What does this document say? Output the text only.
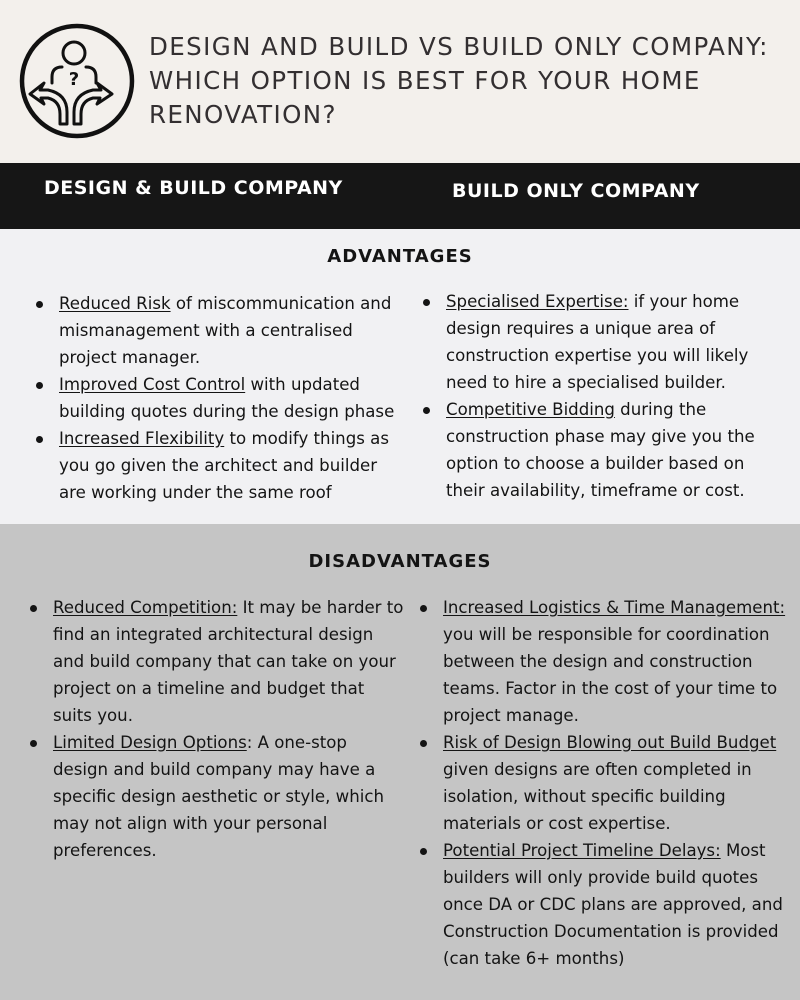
?
DESIGN AND BUILD VS BUILD ONLY COMPANY: WHICH OPTION IS BEST FOR YOUR HOME RENOVATION?
DESIGN & BUILD COMPANY	BUILD ONLY COMPANY
ADVANTAGES
Reduced Risk of miscommunication and mismanagement with a centralised project manager.
Improved Cost Control with updated building quotes during the design phase
Increased Flexibility to modify things as you go given the architect and builder are working under the same roof
Specialised Expertise: if your home design requires a unique area of construction expertise you will likely need to hire a specialised builder.
Competitive Bidding during the construction phase may give you the option to choose a builder based on their availability, timeframe or cost.
DISADVANTAGES
Reduced Competition: It may be harder to find an integrated architectural design and build company that can take on your project on a timeline and budget that suits you.
Limited Design Options: A one-stop design and build company may have a specific design aesthetic or style, which may not align with your personal preferences.
Increased Logistics & Time Management: you will be responsible for coordination between the design and construction teams. Factor in the cost of your time to project manage.
Risk of Design Blowing out Build Budget given designs are often completed in isolation, without specific building materials or cost expertise.
Potential Project Timeline Delays: Most builders will only provide build quotes once DA or CDC plans are approved, and Construction Documentation is provided (can take 6+ months)
